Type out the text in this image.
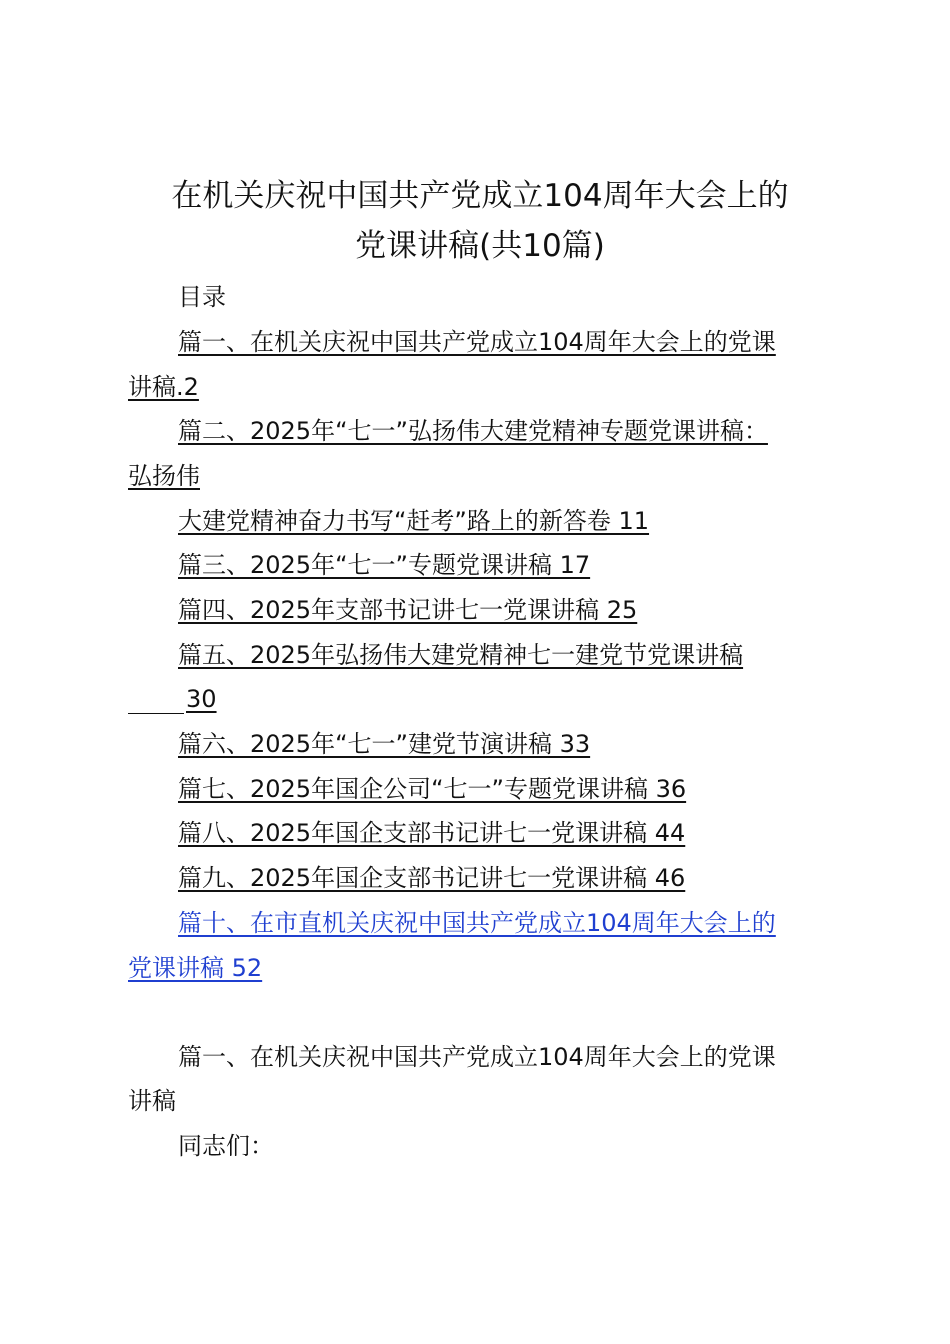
在机关庆祝中国共产党成立104周年大会上的
党课讲稿(共10篇)
目录
篇一、在机关庆祝中国共产党成立104周年大会上的党课
讲稿.2
篇二、2025年“七一”弘扬伟大建党精神专题党课讲稿：
弘扬伟
大建党精神奋力书写“赶考”路上的新答卷 11
篇三、2025年“七一”专题党课讲稿 17
篇四、2025年支部书记讲七一党课讲稿 25
篇五、2025年弘扬伟大建党精神七一建党节党课讲稿
30
篇六、2025年“七一”建党节演讲稿 33
篇七、2025年国企公司“七一”专题党课讲稿 36
篇八、2025年国企支部书记讲七一党课讲稿 44
篇九、2025年国企支部书记讲七一党课讲稿 46
篇十、在市直机关庆祝中国共产党成立104周年大会上的
党课讲稿 52
篇一、在机关庆祝中国共产党成立104周年大会上的党课
讲稿
同志们：
